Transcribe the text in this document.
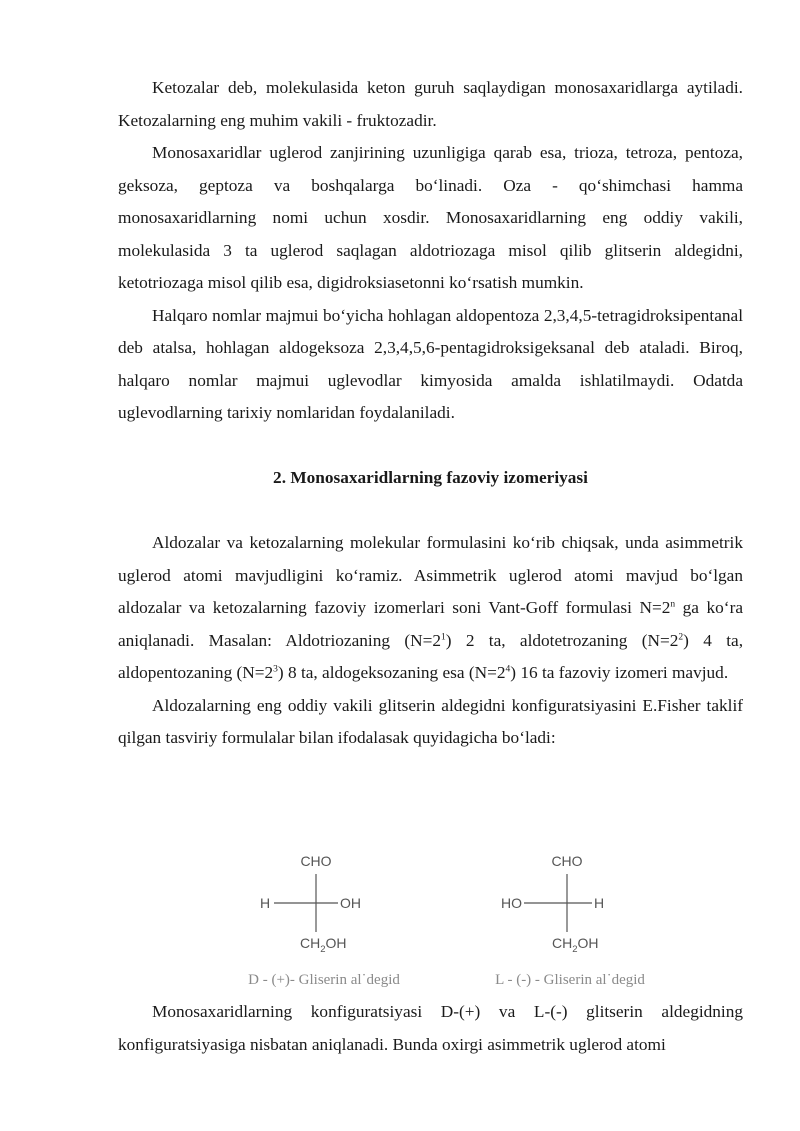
Ketozalar deb, molekulasida keton guruh saqlaydigan monosaxaridlarga aytiladi. Ketozalarning eng muhim vakili - fruktozadir.

Monosaxaridlar uglerod zanjirining uzunligiga qarab esa, trioza, tetroza, pentoza, geksoza, geptoza va boshqalarga bo‘linadi. Oza - qo‘shimchasi hamma monosaxaridlarning nomi uchun xosdir. Monosaxaridlarning eng oddiy vakili, molekulasida 3 ta uglerod saqlagan aldotriozaga misol qilib glitserin aldegidni, ketotriozaga misol qilib esa, digidroksiasetonni ko‘rsatish mumkin.

Halqaro nomlar majmui bo‘yicha hohlagan aldopentoza 2,3,4,5-tetragidroksipentanal deb atalsa, hohlagan aldogeksoza 2,3,4,5,6-pentagidroksigeksanal deb ataladi. Biroq, halqaro nomlar majmui uglevodlar kimyosida amalda ishlatilmaydi. Odatda uglevodlarning tarixiy nomlaridan foydalaniladi.

2. Monosaxaridlarning fazoviy izomeriyasi

Aldozalar va ketozalarning molekular formulasini ko‘rib chiqsak, unda asimmetrik uglerod atomi mavjudligini ko‘ramiz. Asimmetrik uglerod atomi mavjud bo‘lgan aldozalar va ketozalarning fazoviy izomerlari soni Vant-Goff formulasi $N=2^n$ ga ko‘ra aniqlanadi. Masalan: Aldotriozaning $(N=2^1)$ 2 ta, aldotetrozaning $(N=2^2)$ 4 ta, aldopentozaning $(N=2^3)$ 8 ta, aldogeksozaning esa $(N=2^4)$ 16 ta fazoviy izomeri mavjud.

Aldozalarning eng oddiy vakili glitserin aldegidni konfiguratsiyasini E.Fisher taklif qilgan tasviriy formulalar bilan ifodalasak quyidagicha bo‘ladi:

CHO
H	OH
$CH_2OH$
D - (+)- Gliserin al˙degid
CHO
HO	H
$CH_2OH$
L - (-) - Gliserin al˙degid

Monosaxaridlarning konfiguratsiyasi D-(+) va L-(-) glitserin aldegidning konfiguratsiyasiga nisbatan aniqlanadi. Bunda oxirgi asimmetrik uglerod atomi
